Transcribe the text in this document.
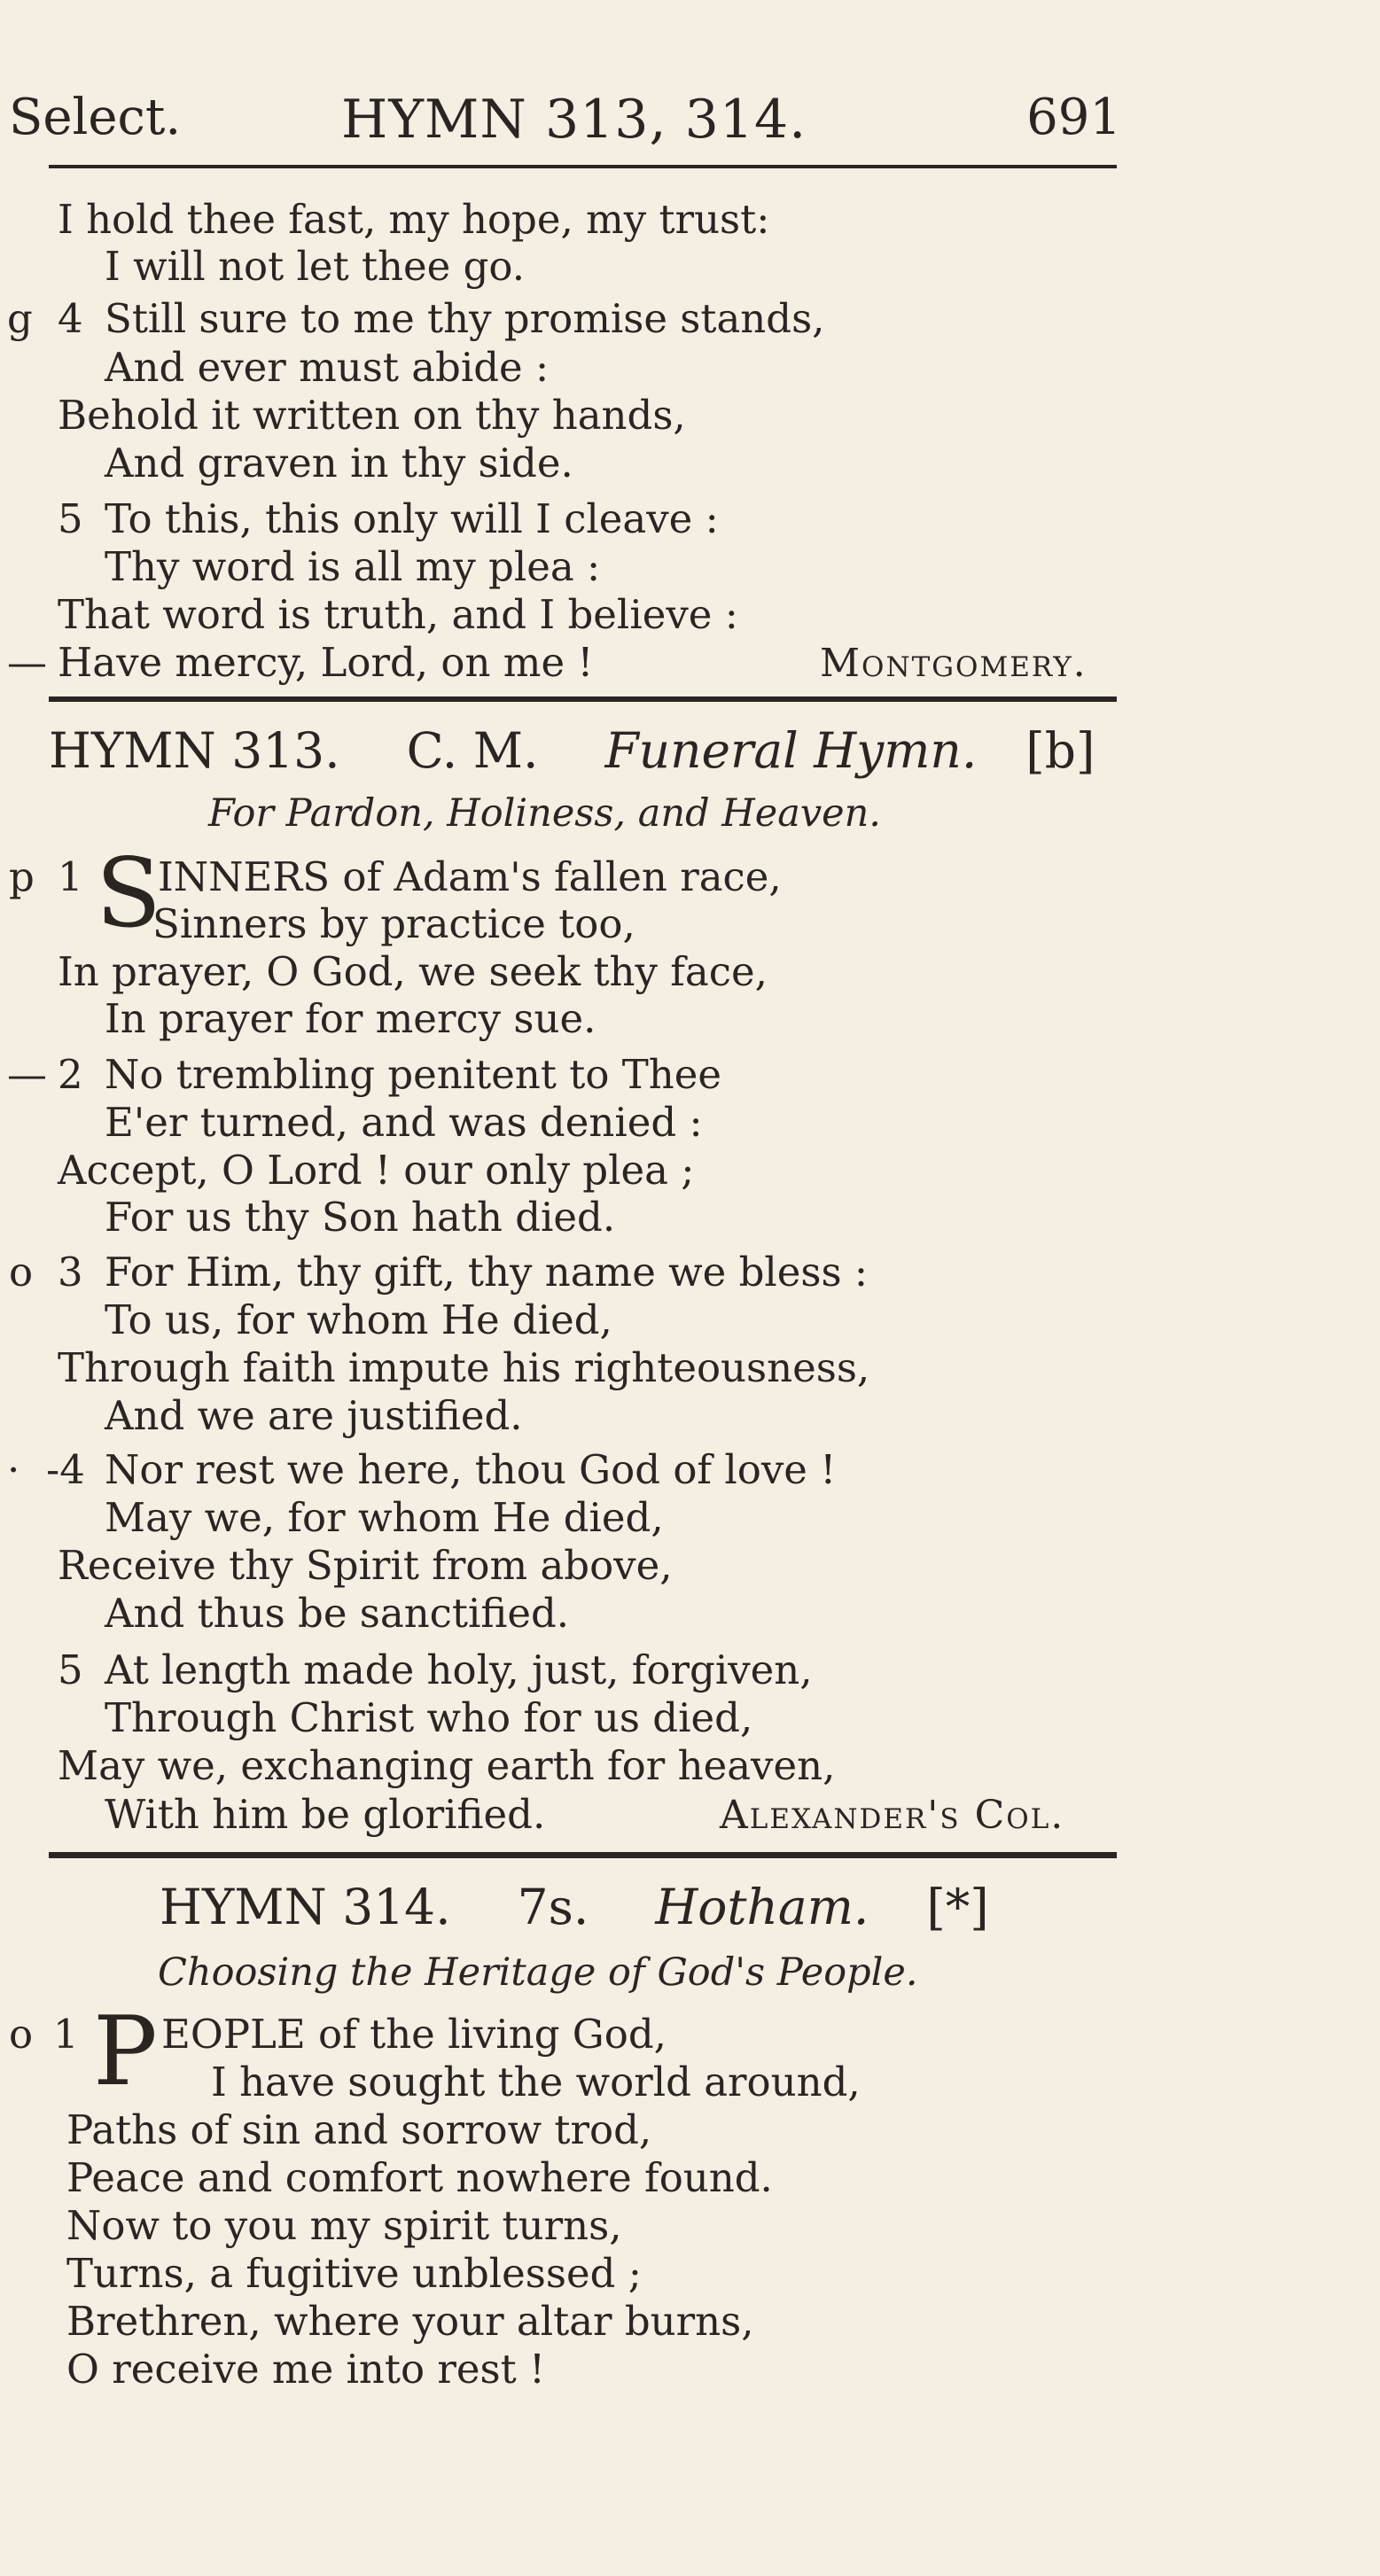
Select.	HYMN 313, 314.	691
I hold thee fast, my hope, my trust:
I will not let thee go.
g 4 Still sure to me thy promise stands,
And ever must abide :
Behold it written on thy hands,
And graven in thy side.
5 To this, this only will I cleave :
Thy word is all my plea :
That word is truth, and I believe :
— Have mercy, Lord, on me !	Montgomery.
HYMN 313. C. M. Funeral Hymn. [b]
For Pardon, Holiness, and Heaven.
p 1 S
INNERS of Adam's fallen race,
Sinners by practice too,
In prayer, O God, we seek thy face,
In prayer for mercy sue.
— 2 No trembling penitent to Thee
E'er turned, and was denied :
Accept, O Lord ! our only plea ;
For us thy Son hath died.
o 3 For Him, thy gift, thy name we bless :
To us, for whom He died,
Through faith impute his righteousness,
And we are justified.
· -4 Nor rest we here, thou God of love !
May we, for whom He died,
Receive thy Spirit from above,
And thus be sanctified.
5 At length made holy, just, forgiven,
Through Christ who for us died,
May we, exchanging earth for heaven,
With him be glorified.	Alexander's Col.
HYMN 314. 7s. Hotham. [*]
Choosing the Heritage of God's People.
o 1 P EOPLE of the living God,
I have sought the world around,
Paths of sin and sorrow trod,
Peace and comfort nowhere found.
Now to you my spirit turns,
Turns, a fugitive unblessed ;
Brethren, where your altar burns,
O receive me into rest !
